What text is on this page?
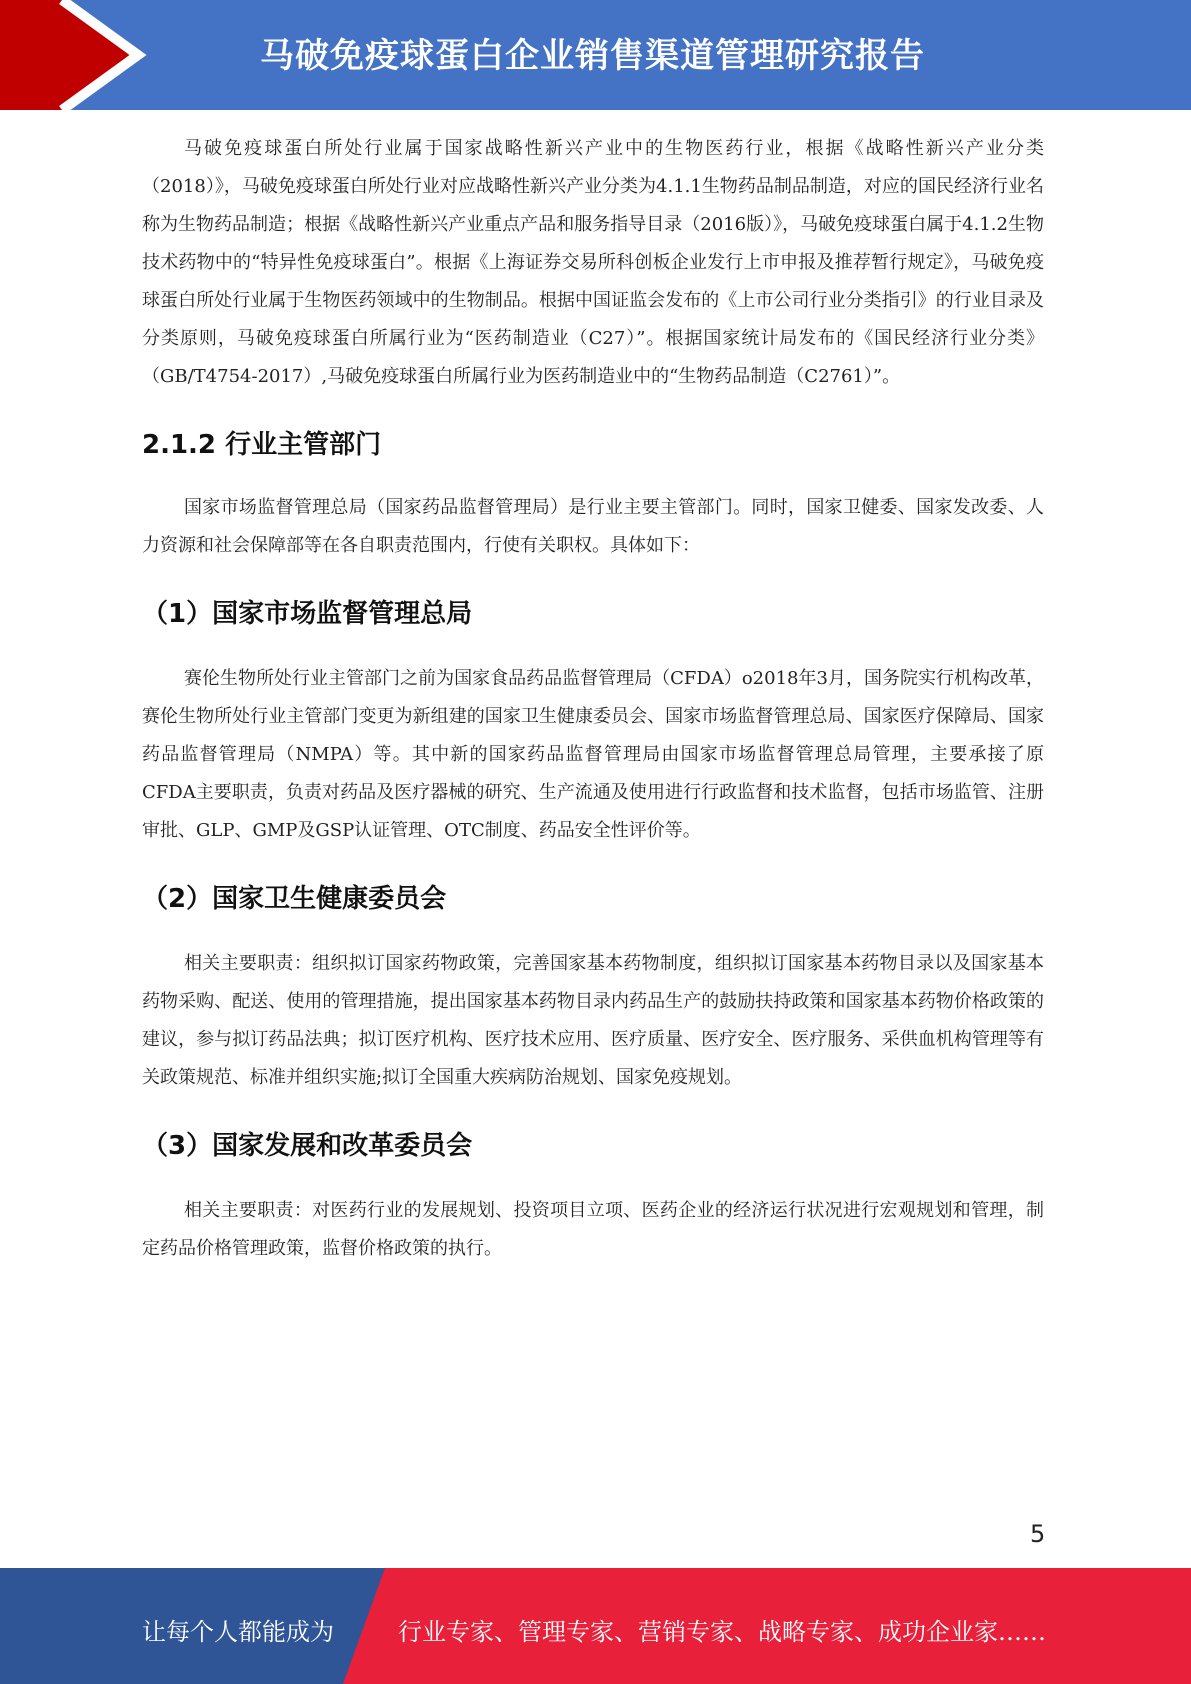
马破免疫球蛋白企业销售渠道管理研究报告

马破免疫球蛋白所处行业属于国家战略性新兴产业中的生物医药行业，根据《战略性新兴产业分类（2018）》，马破免疫球蛋白所处行业对应战略性新兴产业分类为4.1.1生物药品制品制造，对应的国民经济行业名称为生物药品制造；根据《战略性新兴产业重点产品和服务指导目录（2016版）》，马破免疫球蛋白属于4.1.2生物技术药物中的“特异性免疫球蛋白”。根据《上海证券交易所科创板企业发行上市申报及推荐暂行规定》，马破免疫球蛋白所处行业属于生物医药领域中的生物制品。根据中国证监会发布的《上市公司行业分类指引》的行业目录及分类原则，马破免疫球蛋白所属行业为“医药制造业（C27）”。根据国家统计局发布的《国民经济行业分类》（GB/T4754-2017）,马破免疫球蛋白所属行业为医药制造业中的“生物药品制造（C2761）”。

2.1.2 行业主管部门

国家市场监督管理总局（国家药品监督管理局）是行业主要主管部门。同时，国家卫健委、国家发改委、人力资源和社会保障部等在各自职责范围内，行使有关职权。具体如下：

（1）国家市场监督管理总局

赛伦生物所处行业主管部门之前为国家食品药品监督管理局（CFDA）o2018年3月，国务院实行机构改革，赛伦生物所处行业主管部门变更为新组建的国家卫生健康委员会、国家市场监督管理总局、国家医疗保障局、国家药品监督管理局（NMPA）等。其中新的国家药品监督管理局由国家市场监督管理总局管理，主要承接了原CFDA主要职责，负责对药品及医疗器械的研究、生产流通及使用进行行政监督和技术监督，包括市场监管、注册审批、GLP、GMP及GSP认证管理、OTC制度、药品安全性评价等。

（2）国家卫生健康委员会

相关主要职责：组织拟订国家药物政策，完善国家基本药物制度，组织拟订国家基本药物目录以及国家基本药物采购、配送、使用的管理措施，提出国家基本药物目录内药品生产的鼓励扶持政策和国家基本药物价格政策的建议，参与拟订药品法典；拟订医疗机构、医疗技术应用、医疗质量、医疗安全、医疗服务、采供血机构管理等有关政策规范、标准并组织实施;拟订全国重大疾病防治规划、国家免疫规划。

（3）国家发展和改革委员会

相关主要职责：对医药行业的发展规划、投资项目立项、医药企业的经济运行状况进行宏观规划和管理，制定药品价格管理政策，监督价格政策的执行。

5
让每个人都能成为	行业专家、管理专家、营销专家、战略专家、成功企业家……
